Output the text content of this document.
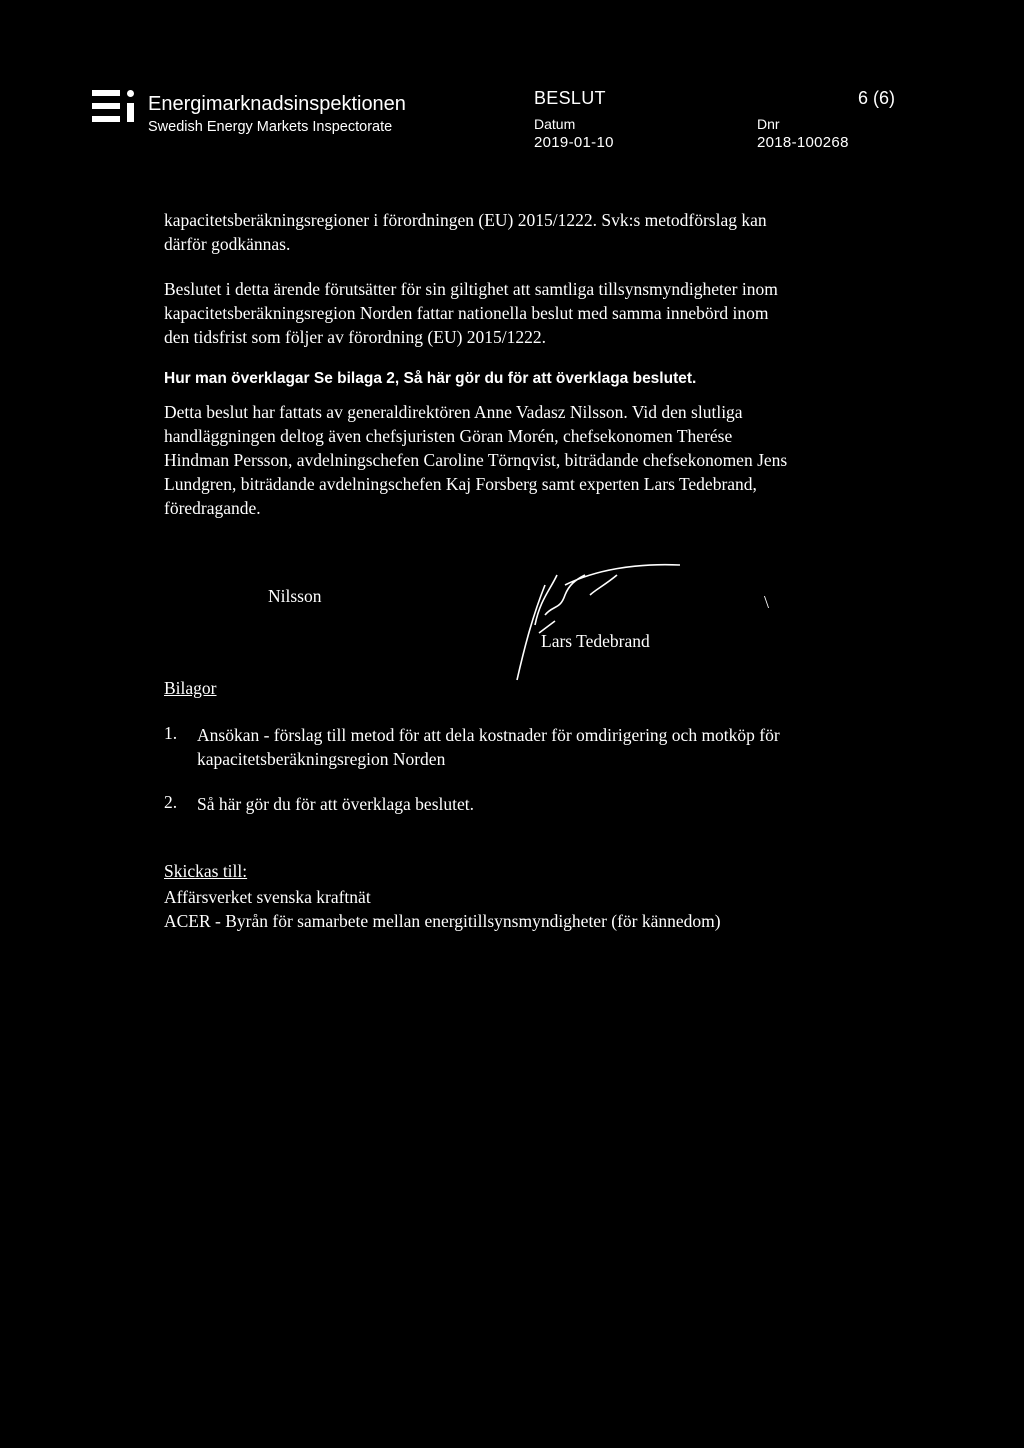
Energimarknadsinspektionen
Swedish Energy Markets Inspectorate
BESLUT	6 (6)
Datum
2019-01-10
Dnr
2018-100268
kapacitetsberäkningsregioner i förordningen (EU) 2015/1222. Svk:s metodförslag kan
därför godkännas.
Beslutet i detta ärende förutsätter för sin giltighet att samtliga tillsynsmyndigheter inom
kapacitetsberäkningsregion Norden fattar nationella beslut med samma innebörd inom
den tidsfrist som följer av förordning (EU) 2015/1222.
Hur man överklagar Se bilaga 2, Så här gör du för att överklaga beslutet.
Detta beslut har fattats av generaldirektören Anne Vadasz Nilsson. Vid den slutliga
handläggningen deltog även chefsjuristen Göran Morén, chefsekonomen Therése
Hindman Persson, avdelningschefen Caroline Törnqvist, biträdande chefsekonomen Jens
Lundgren, biträdande avdelningschefen Kaj Forsberg samt experten Lars Tedebrand,
föredragande.
Nilsson
Lars Tedebrand
\
Bilagor
1. Ansökan - förslag till metod för att dela kostnader för omdirigering och motköp för
kapacitetsberäkningsregion Norden
2. Så här gör du för att överklaga beslutet.
Skickas till:
Affärsverket svenska kraftnät
ACER - Byrån för samarbete mellan energitillsynsmyndigheter (för kännedom)
